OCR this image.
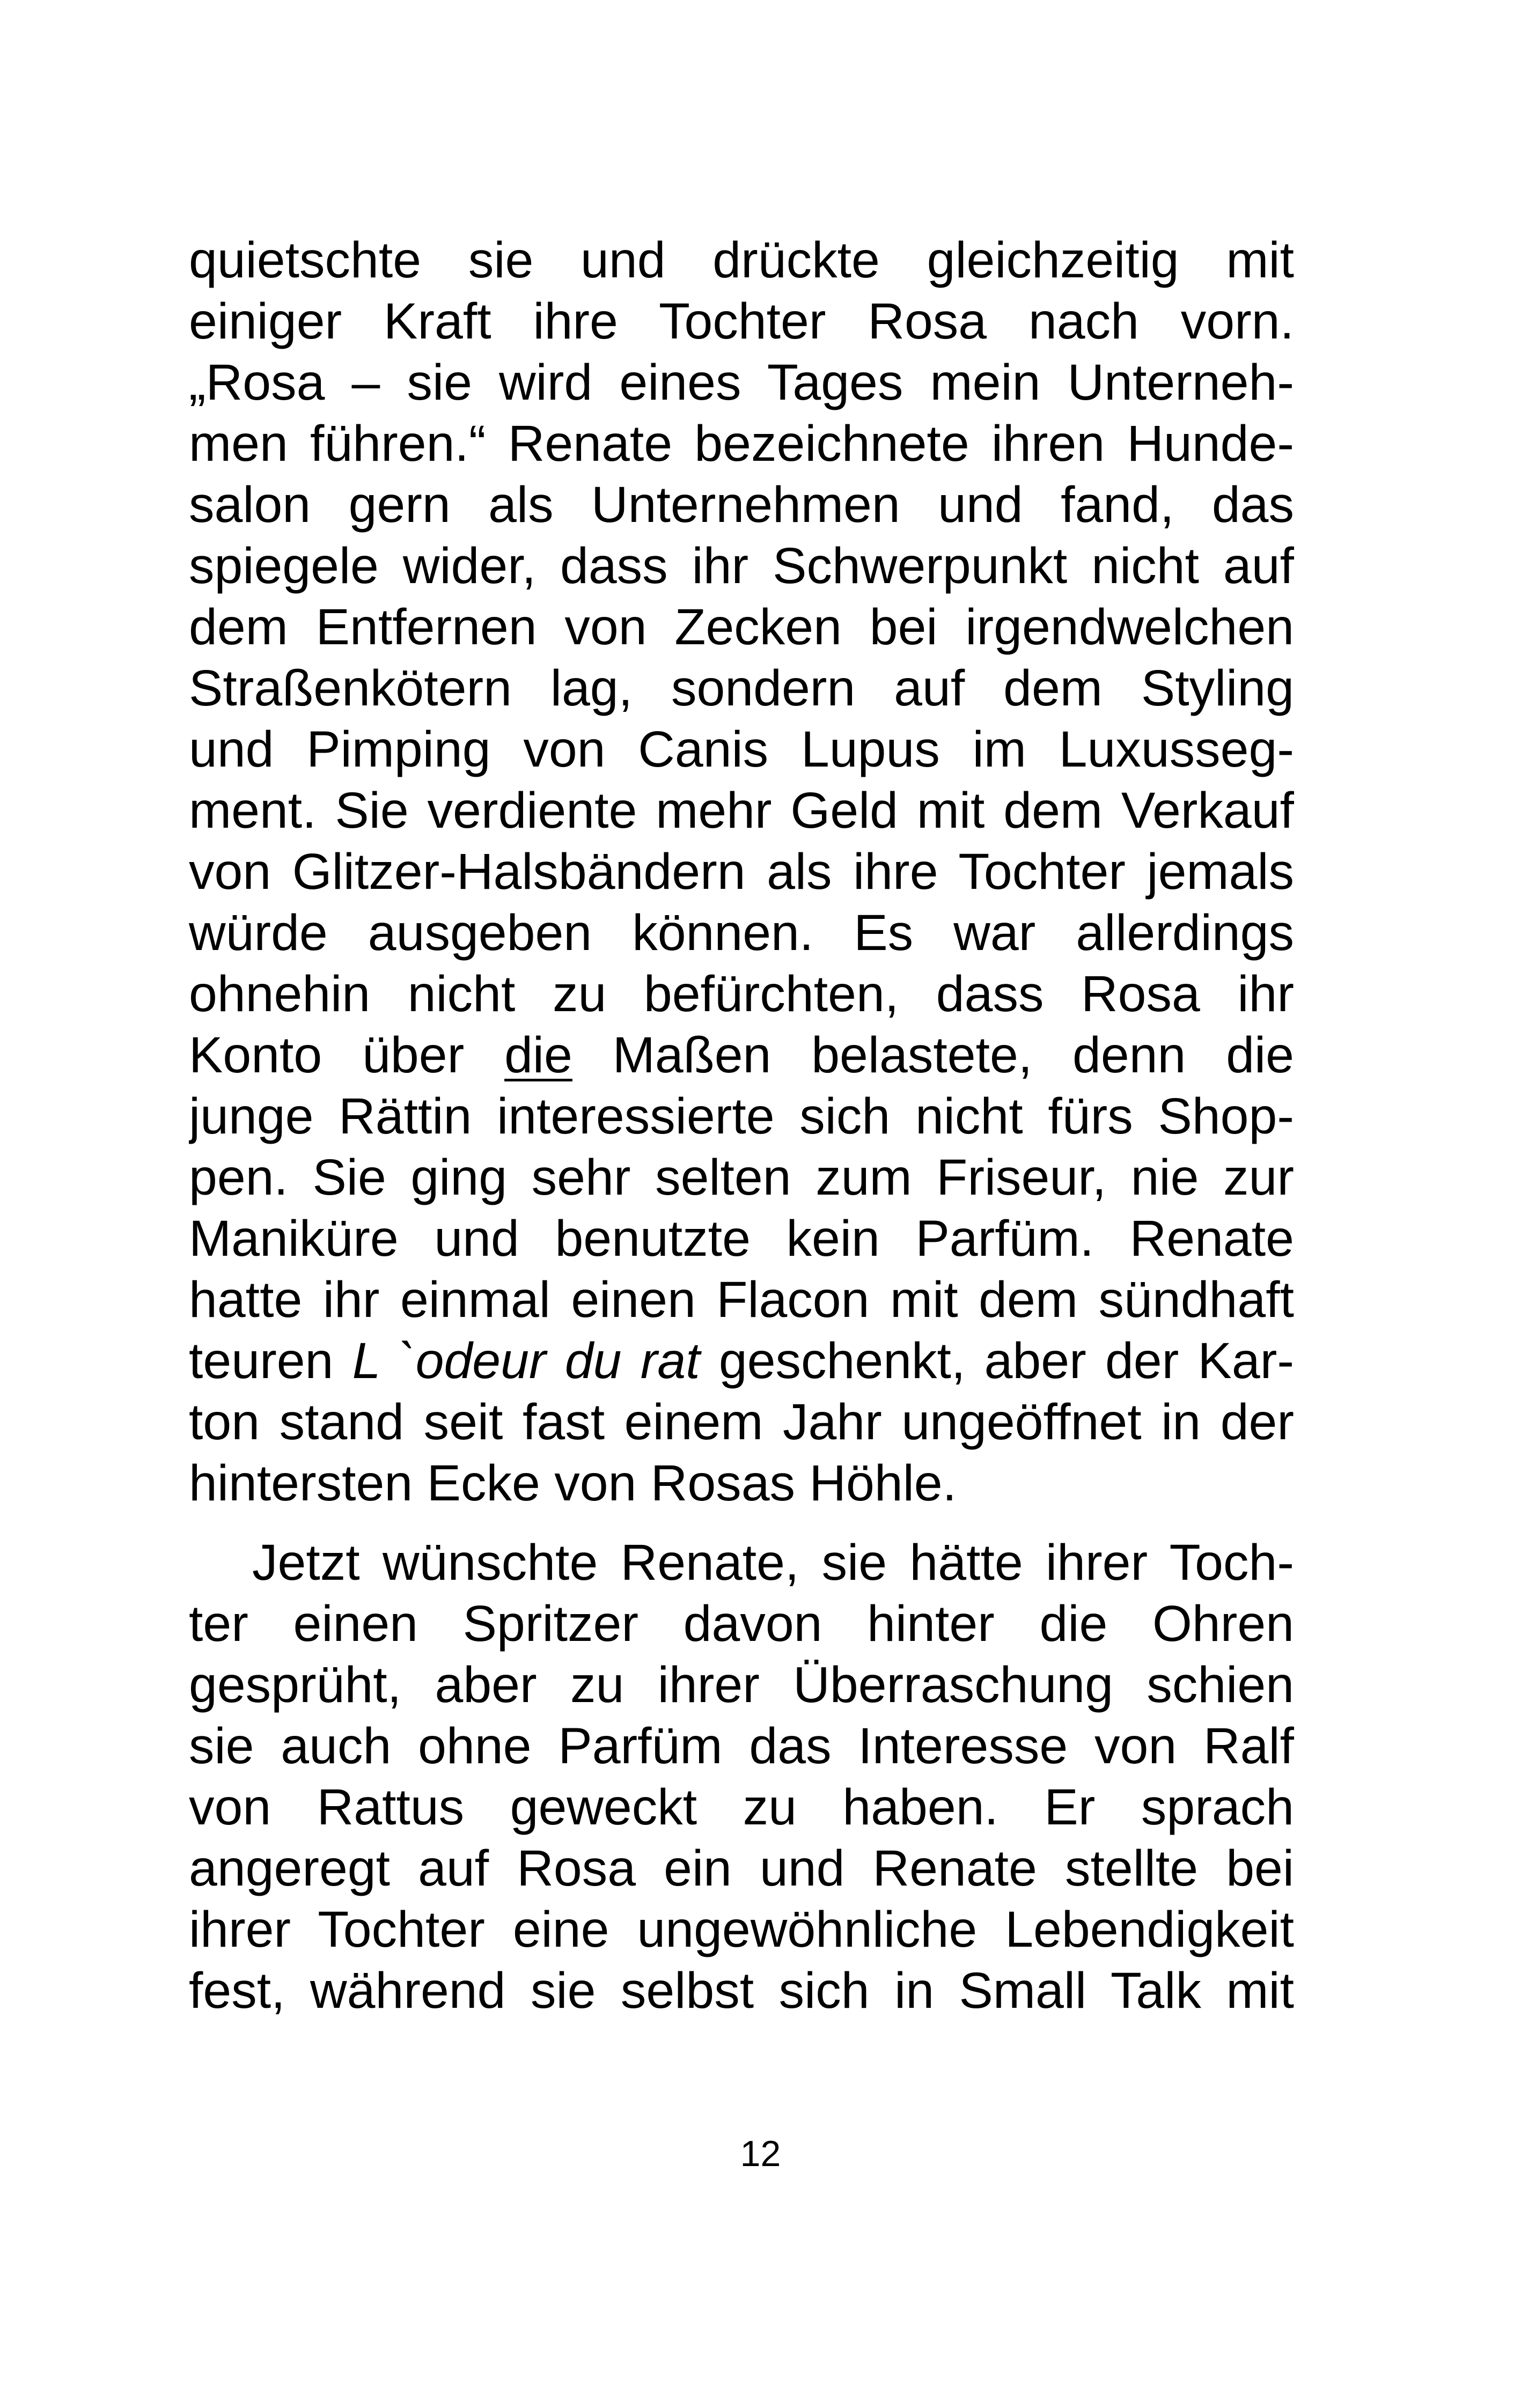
quietschte sie und drückte gleichzeitig mit
einiger Kraft ihre Tochter Rosa nach vorn.
„Rosa – sie wird eines Tages mein Unterneh-
men führen.“ Renate bezeichnete ihren Hunde-
salon gern als Unternehmen und fand, das
spiegele wider, dass ihr Schwerpunkt nicht auf
dem Entfernen von Zecken bei irgendwelchen
Straßenkötern lag, sondern auf dem Styling
und Pimping von Canis Lupus im Luxusseg-
ment. Sie verdiente mehr Geld mit dem Verkauf
von Glitzer-Halsbändern als ihre Tochter jemals
würde ausgeben können. Es war allerdings
ohnehin nicht zu befürchten, dass Rosa ihr
Konto über die Maßen belastete, denn die
junge Rättin interessierte sich nicht fürs Shop-
pen. Sie ging sehr selten zum Friseur, nie zur
Maniküre und benutzte kein Parfüm. Renate
hatte ihr einmal einen Flacon mit dem sündhaft
teuren L `odeur du rat geschenkt, aber der Kar-
ton stand seit fast einem Jahr ungeöffnet in der
hintersten Ecke von Rosas Höhle.
Jetzt wünschte Renate, sie hätte ihrer Toch-
ter einen Spritzer davon hinter die Ohren
gesprüht, aber zu ihrer Überraschung schien
sie auch ohne Parfüm das Interesse von Ralf
von Rattus geweckt zu haben. Er sprach
angeregt auf Rosa ein und Renate stellte bei
ihrer Tochter eine ungewöhnliche Lebendigkeit
fest, während sie selbst sich in Small Talk mit
12
